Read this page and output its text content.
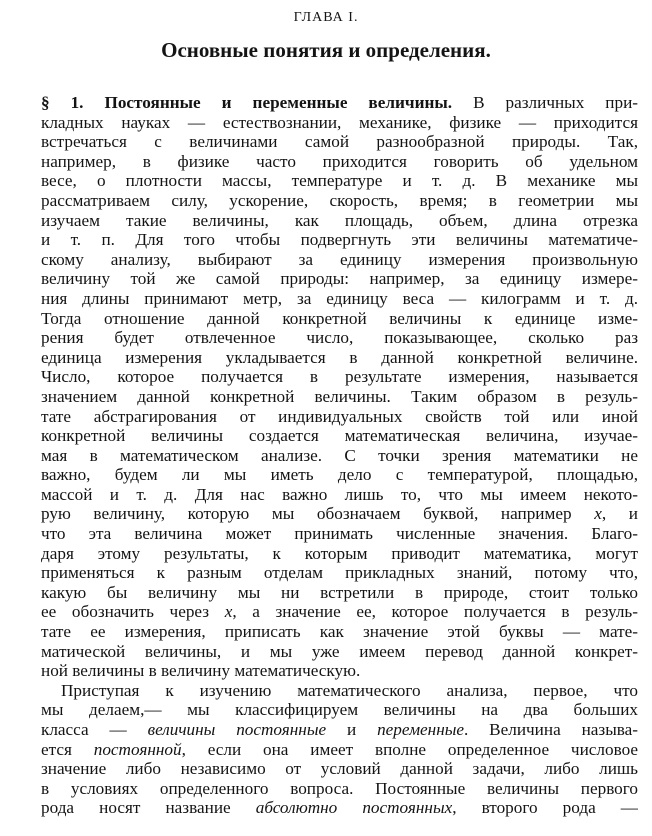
ГЛАВА I.
Основные понятия и определения.
§ 1. Постоянные и переменные величины. В различных при-
кладных науках — естествознании, механике, физике — приходится
встречаться с величинами самой разнообразной природы. Так,
например, в физике часто приходится говорить об удельном
весе, о плотности массы, температуре и т. д. В механике мы
рассматриваем силу, ускорение, скорость, время; в геометрии мы
изучаем такие величины, как площадь, объем, длина отрезка
и т. п. Для того чтобы подвергнуть эти величины математиче-
скому анализу, выбирают за единицу измерения произвольную
величину той же самой природы: например, за единицу измере-
ния длины принимают метр, за единицу веса — килограмм и т. д.
Тогда отношение данной конкретной величины к единице изме-
рения будет отвлеченное число, показывающее, сколько раз
единица измерения укладывается в данной конкретной величине.
Число, которое получается в результате измерения, называется
значением данной конкретной величины. Таким образом в резуль-
тате абстрагирования от индивидуальных свойств той или иной
конкретной величины создается математическая величина, изучае-
мая в математическом анализе. С точки зрения математики не
важно, будем ли мы иметь дело с температурой, площадью,
массой и т. д. Для нас важно лишь то, что мы имеем некото-
рую величину, которую мы обозначаем буквой, например x, и
что эта величина может принимать численные значения. Благо-
даря этому результаты, к которым приводит математика, могут
применяться к разным отделам прикладных знаний, потому что,
какую бы величину мы ни встретили в природе, стоит только
ее обозначить через x, а значение ее, которое получается в резуль-
тате ее измерения, приписать как значение этой буквы — мате-
матической величины, и мы уже имеем перевод данной конкрет-
ной величины в величину математическую.
Приступая к изучению математического анализа, первое, что
мы делаем,— мы классифицируем величины на два больших
класса — величины постоянные и переменные. Величина называ-
ется постоянной, если она имеет вполне определенное числовое
значение либо независимо от условий данной задачи, либо лишь
в условиях определенного вопроса. Постоянные величины первого
рода носят название абсолютно постоянных, второго рода —
